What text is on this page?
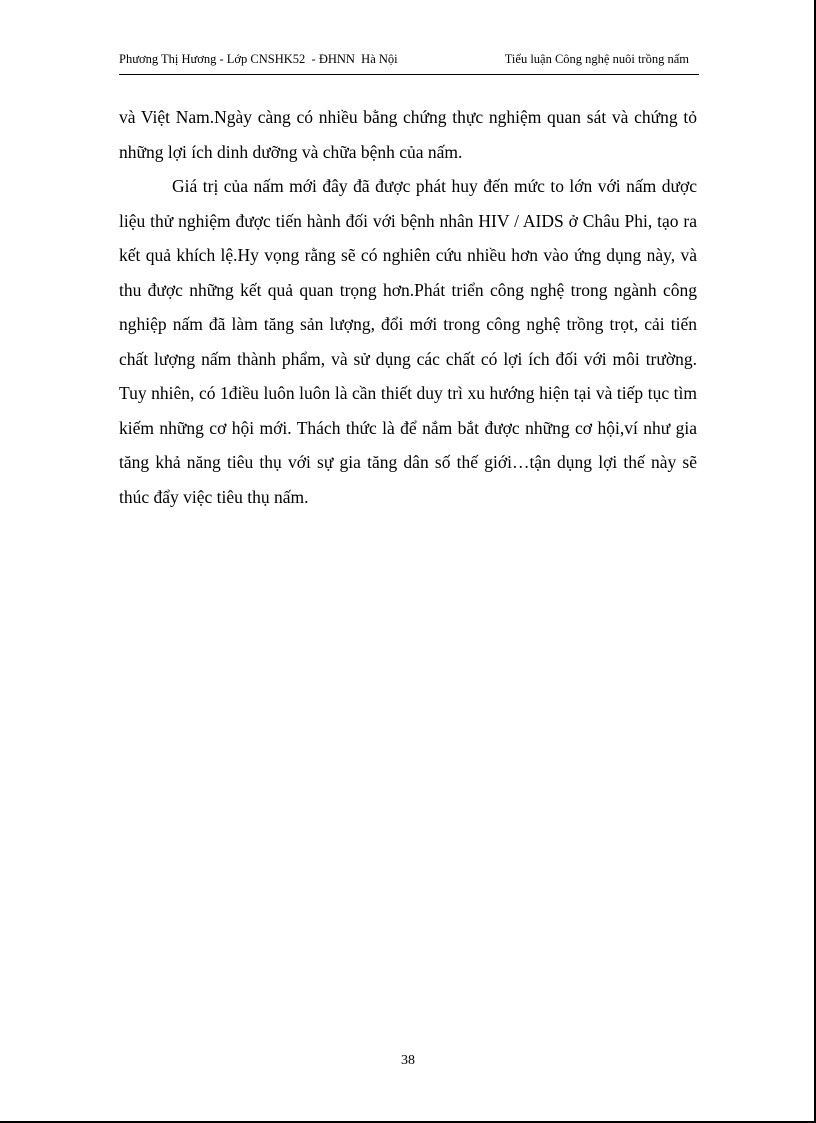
Phương Thị Hương - Lớp CNSHK52  - ĐHNN  Hà Nội	Tiểu luận Công nghệ nuôi trồng nấm

và Việt Nam.Ngày càng có nhiều bằng chứng thực nghiệm quan sát và chứng tỏ những lợi ích dinh dưỡng và chữa bệnh của nấm.

Giá trị của nấm mới đây đã được phát huy đến mức to lớn với nấm dược liệu thử nghiệm được tiến hành đối với bệnh nhân HIV / AIDS ở Châu Phi, tạo ra kết quả khích lệ.Hy vọng rằng sẽ có nghiên cứu nhiều hơn vào ứng dụng này, và thu được những kết quả quan trọng hơn.Phát triển công nghệ trong ngành công nghiệp nấm đã làm tăng sản lượng, đổi mới trong công nghệ trồng trọt, cải tiến chất lượng nấm thành phẩm, và sử dụng các chất có lợi ích đối với môi trường. Tuy nhiên, có 1điều luôn luôn là cần thiết duy trì xu hướng hiện tại và tiếp tục tìm kiếm những cơ hội mới. Thách thức là để nắm bắt được những cơ hội,ví như gia tăng khả năng tiêu thụ với sự gia tăng dân số thế giới…tận dụng lợi thế này sẽ thúc đẩy việc tiêu thụ nấm.

38
